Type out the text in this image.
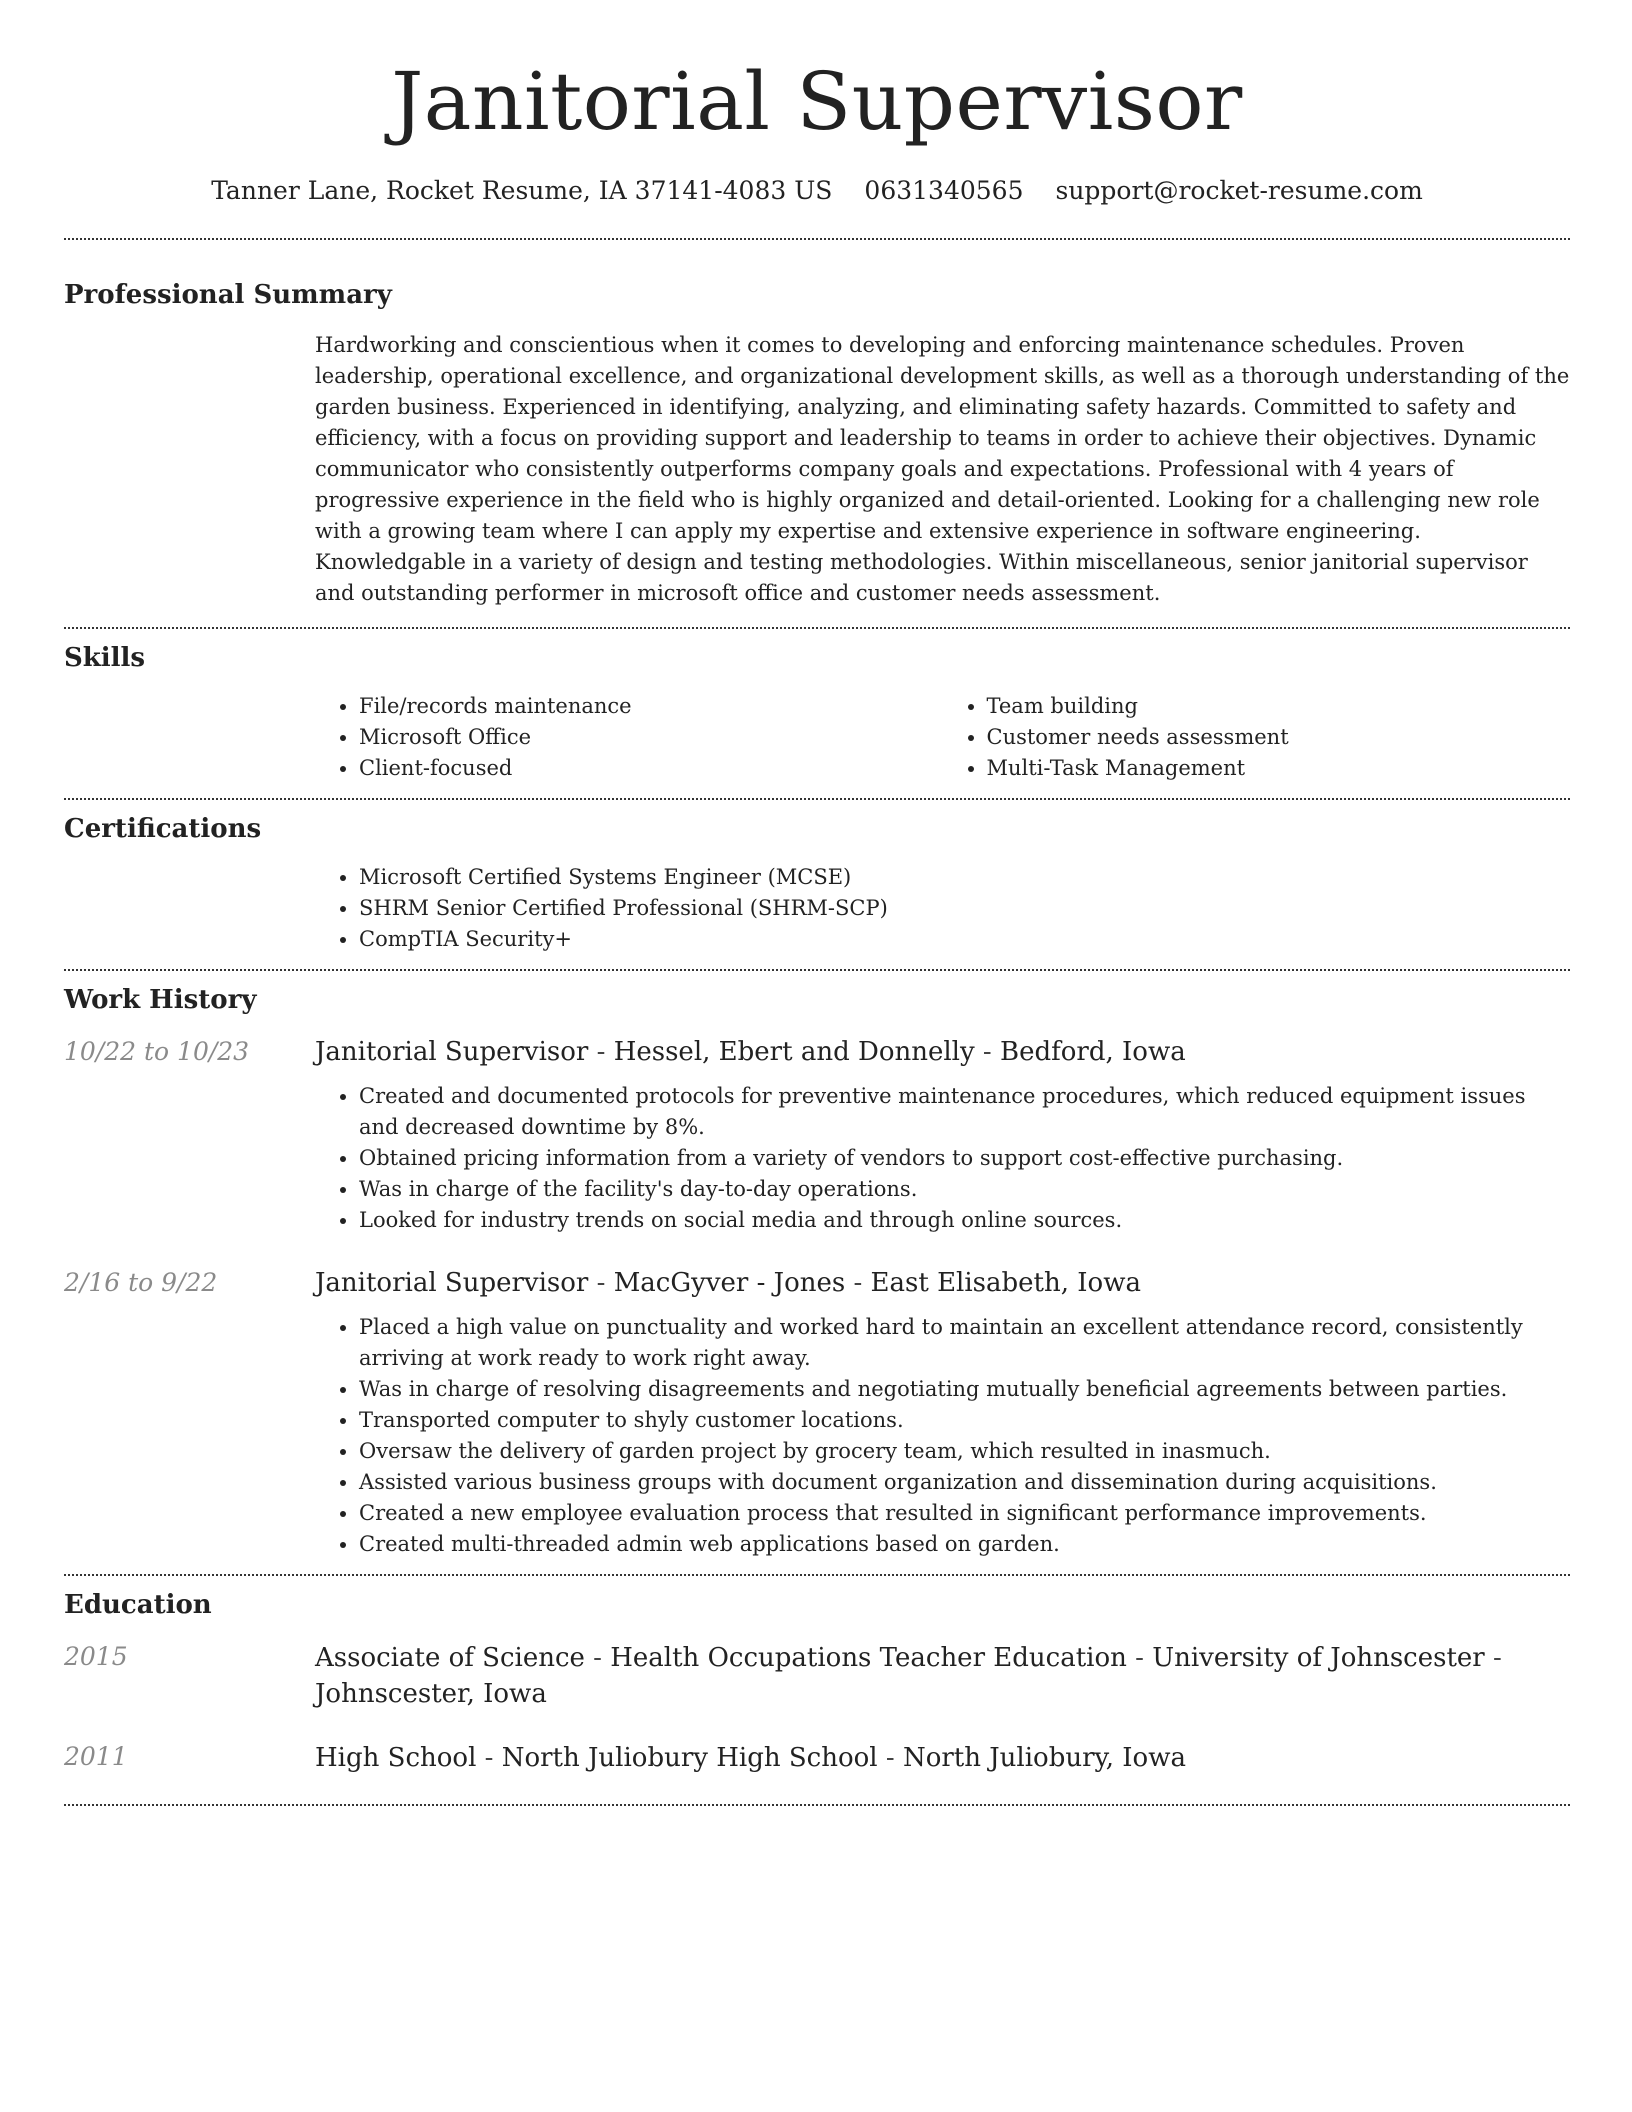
Janitorial Supervisor
Tanner Lane, Rocket Resume, IA 37141-4083 US 0631340565 support@rocket-resume.com
Professional Summary

Hardworking and conscientious when it comes to developing and enforcing maintenance schedules. Proven leadership, operational excellence, and organizational development skills, as well as a thorough understanding of the garden business. Experienced in identifying, analyzing, and eliminating safety hazards. Committed to safety and efficiency, with a focus on providing support and leadership to teams in order to achieve their objectives. Dynamic communicator who consistently outperforms company goals and expectations. Professional with 4 years of progressive experience in the field who is highly organized and detail-oriented. Looking for a challenging new role with a growing team where I can apply my expertise and extensive experience in software engineering. Knowledgable in a variety of design and testing methodologies. Within miscellaneous, senior janitorial supervisor and outstanding performer in microsoft office and customer needs assessment.

Skills
• File/records maintenance
• Microsoft Office
• Client-focused
• Team building
• Customer needs assessment
• Multi-Task Management
Certifications
• Microsoft Certified Systems Engineer (MCSE)
• SHRM Senior Certified Professional (SHRM-SCP)
• CompTIA Security+
Work History
10/22 to 10/23	Janitorial Supervisor - Hessel, Ebert and Donnelly - Bedford, Iowa

• Created and documented protocols for preventive maintenance procedures, which reduced equipment issues and decreased downtime by 8%.
• Obtained pricing information from a variety of vendors to support cost-effective purchasing.
• Was in charge of the facility's day-to-day operations.
• Looked for industry trends on social media and through online sources.
2/16 to 9/22	Janitorial Supervisor - MacGyver - Jones - East Elisabeth, Iowa

• Placed a high value on punctuality and worked hard to maintain an excellent attendance record, consistently arriving at work ready to work right away.
• Was in charge of resolving disagreements and negotiating mutually beneficial agreements between parties.
• Transported computer to shyly customer locations.
• Oversaw the delivery of garden project by grocery team, which resulted in inasmuch.
• Assisted various business groups with document organization and dissemination during acquisitions.
• Created a new employee evaluation process that resulted in significant performance improvements.
• Created multi-threaded admin web applications based on garden.
Education
2015	Associate of Science - Health Occupations Teacher Education - University of Johnscester - Johnscester, Iowa

2011	High School - North Juliobury High School - North Juliobury, Iowa
